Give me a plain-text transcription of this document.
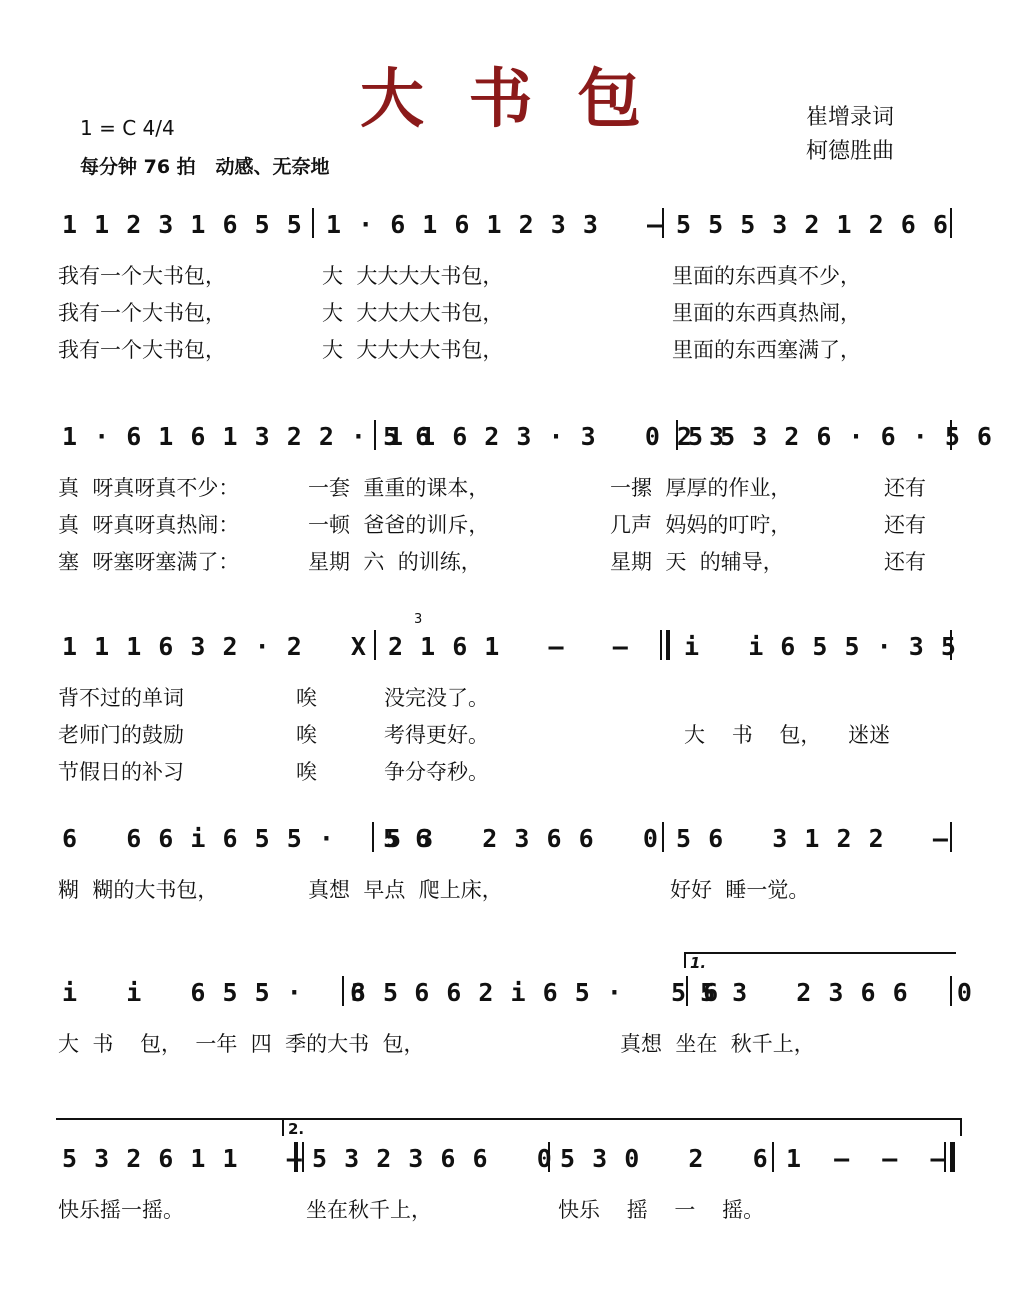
大  书  包
1 = C 4/4
每分钟 76 拍   动感、无奈地
崔增录词
柯德胜曲
1 1 2 3 1 6 5 5 1 · 6 1 6 1 2 3 3   — 5 5 5 3 2 1 2 6 6
我有一个大书包，	大  大大大大书包，	里面的东西真不少，
我有一个大书包，	大  大大大大书包，	里面的东西真热闹，
我有一个大书包，	大  大大大大书包，	里面的东西塞满了，
1 · 6 1 6 1 3 2 2 · 5 6
1 1 6 2 3 · 3   0 2 3
5 5 3 2 6 · 6 · 5 6
真  呀真呀真不少：	一套  重重的课本，	一摞  厚厚的作业，	还有
真  呀真呀真热闹：	一顿  爸爸的训斥，	几声  妈妈的叮咛，	还有
塞  呀塞呀塞满了：	星期  六  的训练，	星期  天  的辅导，	还有
1 1 1 6 3 2 · 2   X
3
2 1 6 1   —   — i   i 6 5 5 · 3 5
背不过的单词	唉	没完没了。
老师门的鼓励	唉	考得更好。	大    书    包，    迷迷
节假日的补习	唉	争分夺秒。
6   6 6 i 6 5 5 ·   5 6
5 3   2 3 6 6   0 5 6   3 1 2 2   —
糊  糊的大书包，	真想  早点  爬上床，	好好  睡一觉。
1.
i   i   6 5 5 ·   3 5
6   6 6 2 i 6 5 ·   5 6
5 3   2 3 6 6   0
大  书    包，  一年  四  季的大书  包，	真想  坐在  秋千上，
2.
5 3 2 6 1 1   — 5 3 2 3 6 6   0 5 3 0   2   6 1  —  —  —
快乐摇一摇。	坐在秋千上，	快乐    摇    一    摇。
